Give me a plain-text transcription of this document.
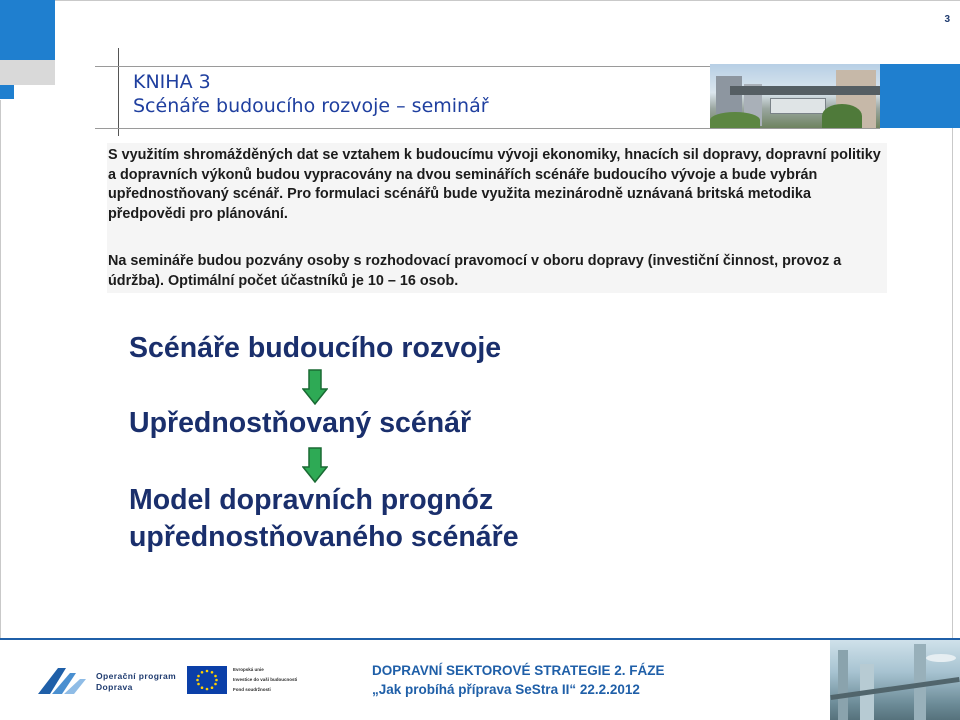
3
KNIHA 3
Scénáře budoucího rozvoje – seminář

S využitím shromážděných dat se vztahem k budoucímu vývoji ekonomiky, hnacích sil dopravy, dopravní politiky a dopravních výkonů budou vypracovány na dvou seminářích scénáře budoucího vývoje a bude vybrán upřednostňovaný scénář. Pro formulaci scénářů bude využita mezinárodně uznávaná britská metodika předpovědi pro plánování.

Na semináře budou pozvány osoby s rozhodovací pravomocí v oboru dopravy (investiční činnost, provoz a údržba). Optimální počet účastníků je 10 – 16 osob.

Scénáře budoucího rozvoje
Upřednostňovaný scénář
Model dopravních prognóz
upřednostňovaného scénáře
Operační program
Doprava
Evropská unie
Investice do vaší budoucnosti
Fond soudržnosti
DOPRAVNÍ SEKTOROVÉ STRATEGIE 2. FÁZE
„Jak probíhá příprava SeStra II“ 22.2.2012
